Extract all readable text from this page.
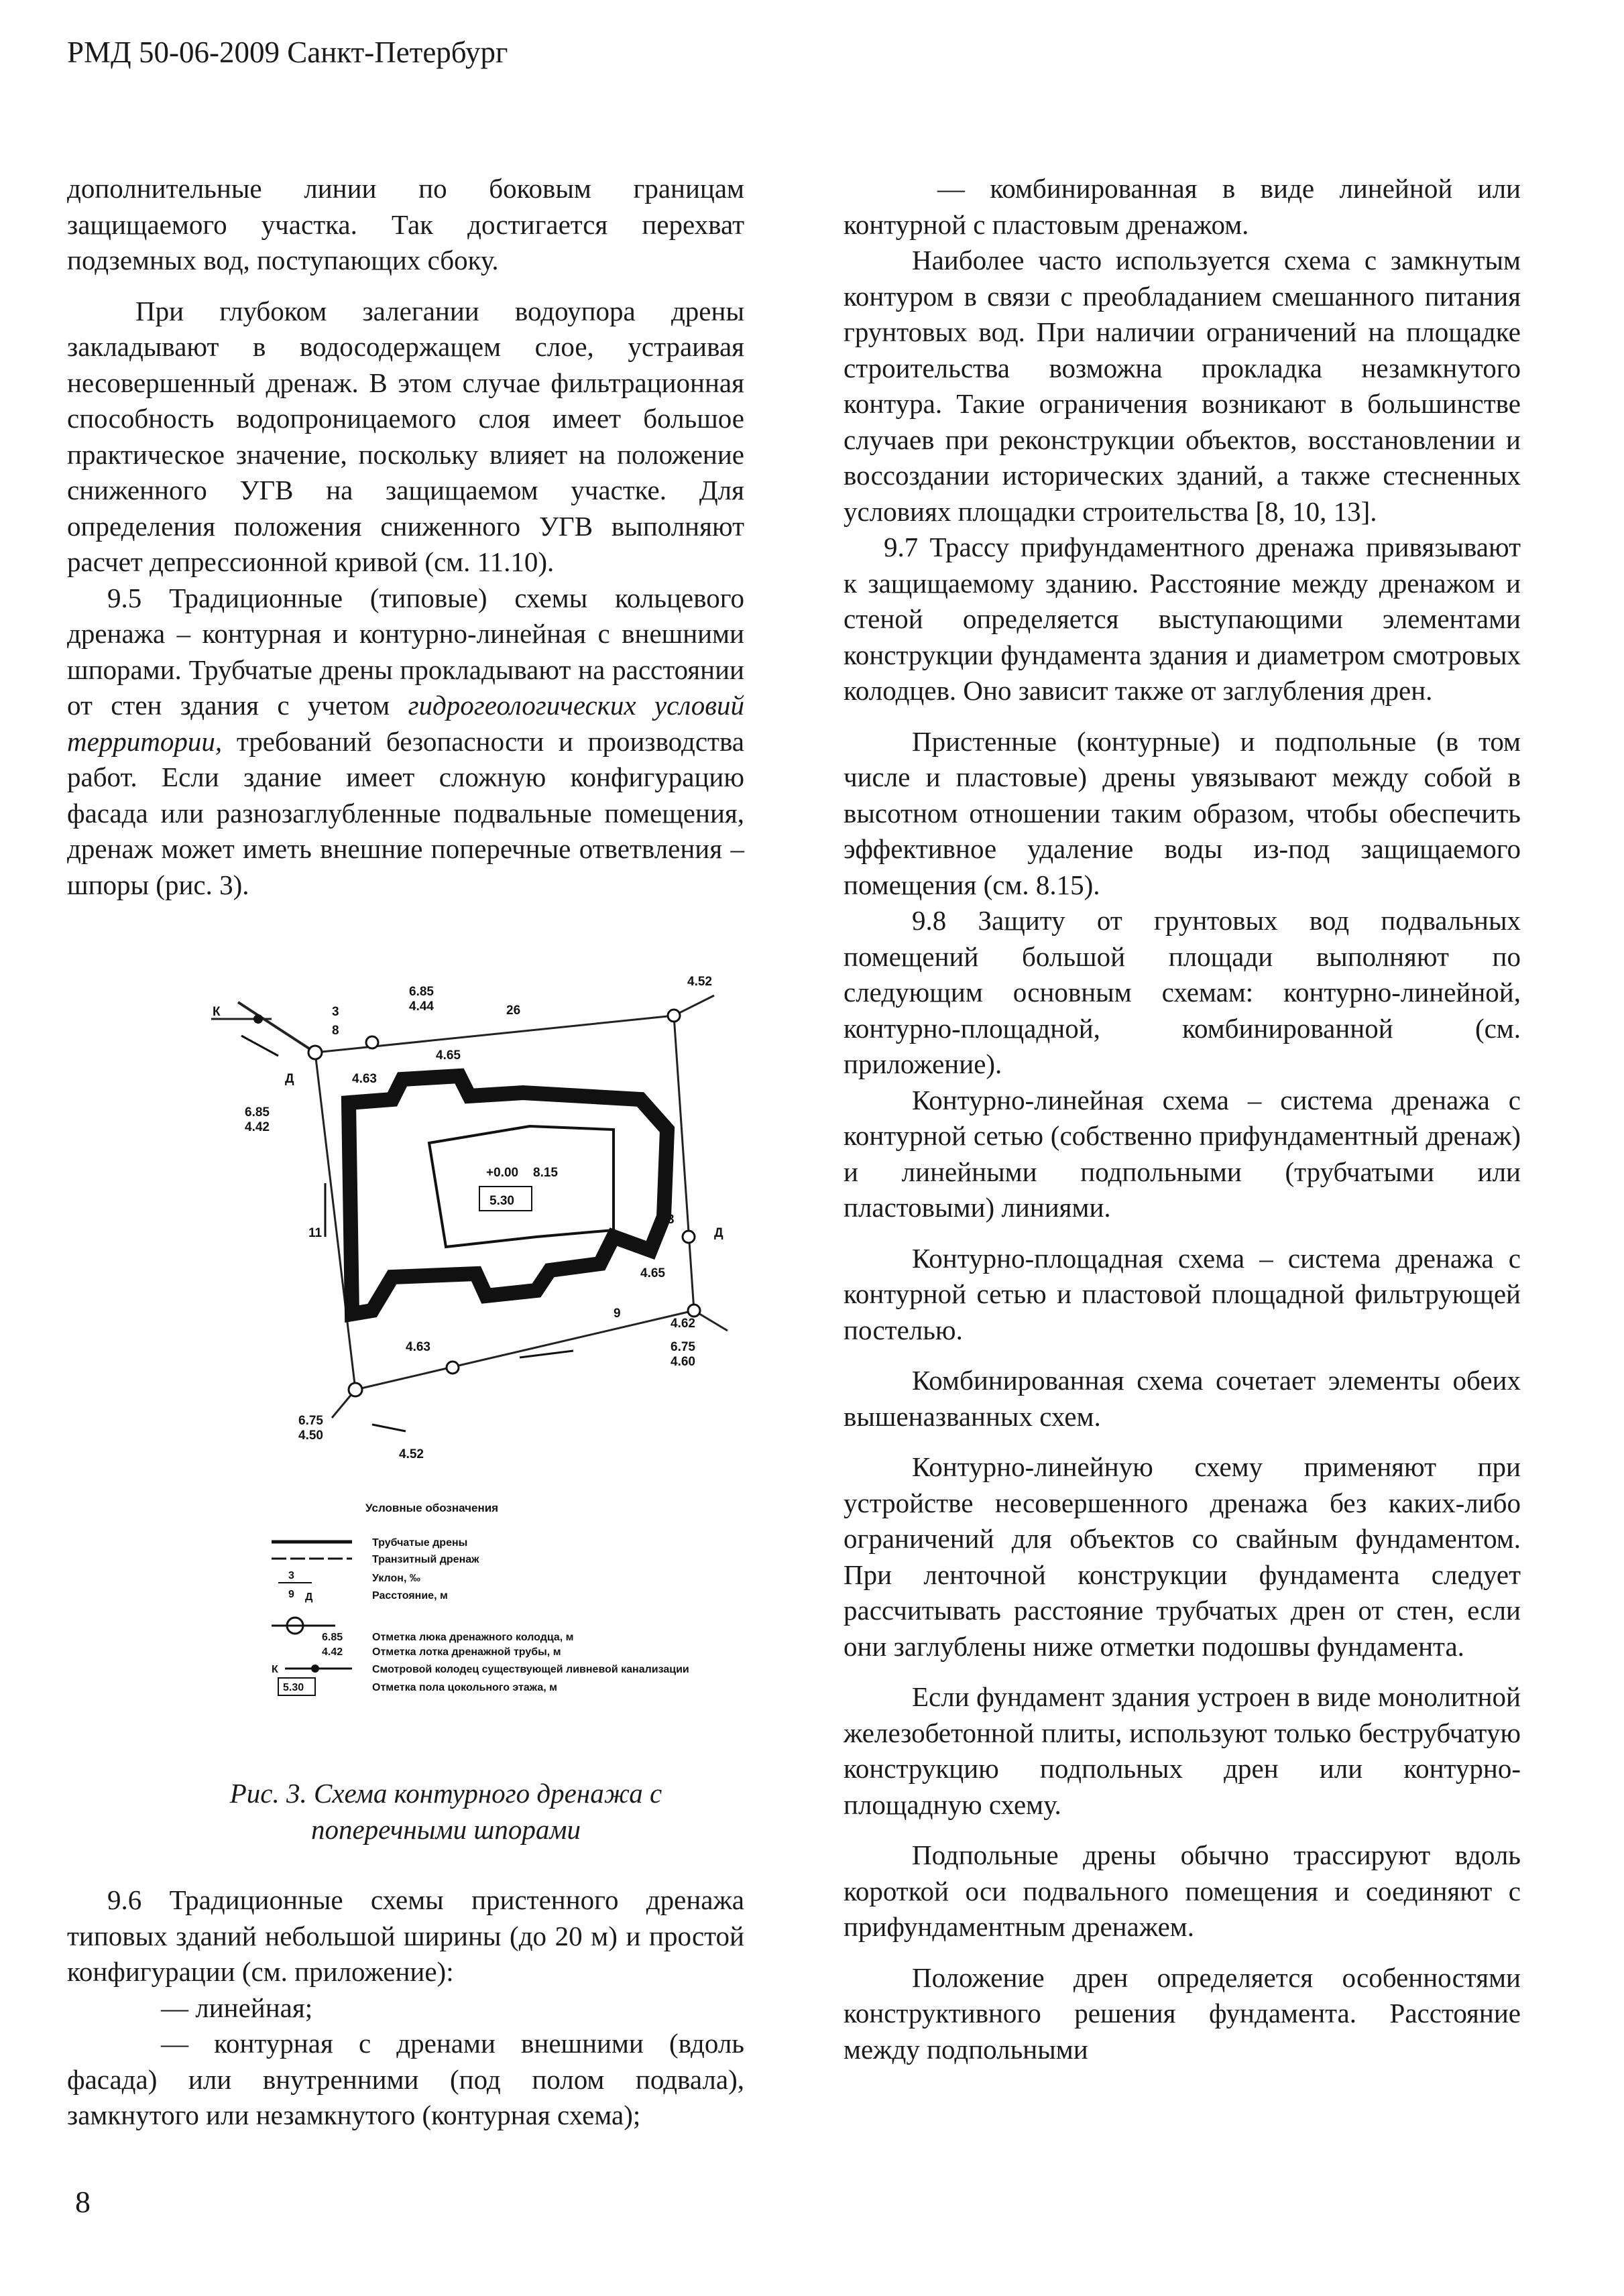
РМД 50-06-2009 Санкт-Петербург

дополнительные линии по боковым границам защищаемого участка. Так достигается перехват подземных вод, поступающих сбоку.

При глубоком залегании водоупора дрены закладывают в водосодержащем слое, устраивая несовершенный дренаж. В этом случае фильтрационная способность водопроницаемого слоя имеет большое практическое значение, поскольку влияет на положение сниженного УГВ на защищаемом участке. Для определения положения сниженного УГВ выполняют расчет депрессионной кривой (см. 11.10).

9.5 Традиционные (типовые) схемы кольцевого дренажа – контурная и контурно-линейная с внешними шпорами. Трубчатые дрены прокладывают на расстоянии от стен здания с учетом гидрогеологических условий территории, требований безопасности и производства работ. Если здание имеет сложную конфигурацию фасада или разнозаглубленные подвальные помещения, дренаж может иметь внешние поперечные ответвления – шпоры (рис. 3).

К
Д
3
8
6.85
4.44	26
4.65
4.52
4.63
6.85
4.42
+0.00 8.15
5.30
Д
3
11
4.65
4.62
6.75
4.60
4.63
9
6.75
4.50
4.52
Условные обозначения
Трубчатые дрены
Транзитный дренаж
3	Уклон, ‰
9 Д	Расстояние, м
6.85	Отметка люка дренажного колодца, м
4.42	Отметка лотка дренажной трубы, м
К	Смотровой колодец существующей ливневой канализации
5.30	Отметка пола цокольного этажа, м
Рис. 3. Схема контурного дренажа с
поперечными шпорами

9.6 Традиционные схемы пристенного дренажа типовых зданий небольшой ширины (до 20 м) и простой конфигурации (см. приложение):

— линейная;

— контурная с дренами внешними (вдоль фасада) или внутренними (под полом подвала), замкнутого или незамкнутого (контурная схема);

— комбинированная в виде линейной или контурной с пластовым дренажом.

Наиболее часто используется схема с замкнутым контуром в связи с преобладанием смешанного питания грунтовых вод. При наличии ограничений на площадке строительства возможна прокладка незамкнутого контура. Такие ограничения возникают в большинстве случаев при реконструкции объектов, восстановлении и воссоздании исторических зданий, а также стесненных условиях площадки строительства [8, 10, 13].

9.7 Трассу прифундаментного дренажа привязывают к защищаемому зданию. Расстояние между дренажом и стеной определяется выступающими элементами конструкции фундамента здания и диаметром смотровых колодцев. Оно зависит также от заглубления дрен.

Пристенные (контурные) и подпольные (в том числе и пластовые) дрены увязывают между собой в высотном отношении таким образом, чтобы обеспечить эффективное удаление воды из-под защищаемого помещения (см. 8.15).

9.8 Защиту от грунтовых вод подвальных помещений большой площади выполняют по следующим основным схемам: контурно-линейной, контурно-площадной, комбинированной (см. приложение).

Контурно-линейная схема – система дренажа с контурной сетью (собственно прифундаментный дренаж) и линейными подпольными (трубчатыми или пластовыми) линиями.

Контурно-площадная схема – система дренажа с контурной сетью и пластовой площадной фильтрующей постелью.

Комбинированная схема сочетает элементы обеих вышеназванных схем.

Контурно-линейную схему применяют при устройстве несовершенного дренажа без каких-либо ограничений для объектов со свайным фундаментом. При ленточной конструкции фундамента следует рассчитывать расстояние трубчатых дрен от стен, если они заглублены ниже отметки подошвы фундамента.

Если фундамент здания устроен в виде монолитной железобетонной плиты, используют только беструбчатую конструкцию подпольных дрен или контурно-площадную схему.

Подпольные дрены обычно трассируют вдоль короткой оси подвального помещения и соединяют с прифундаментным дренажем.

Положение дрен определяется особенностями конструктивного решения фундамента. Расстояние между подпольными

8
